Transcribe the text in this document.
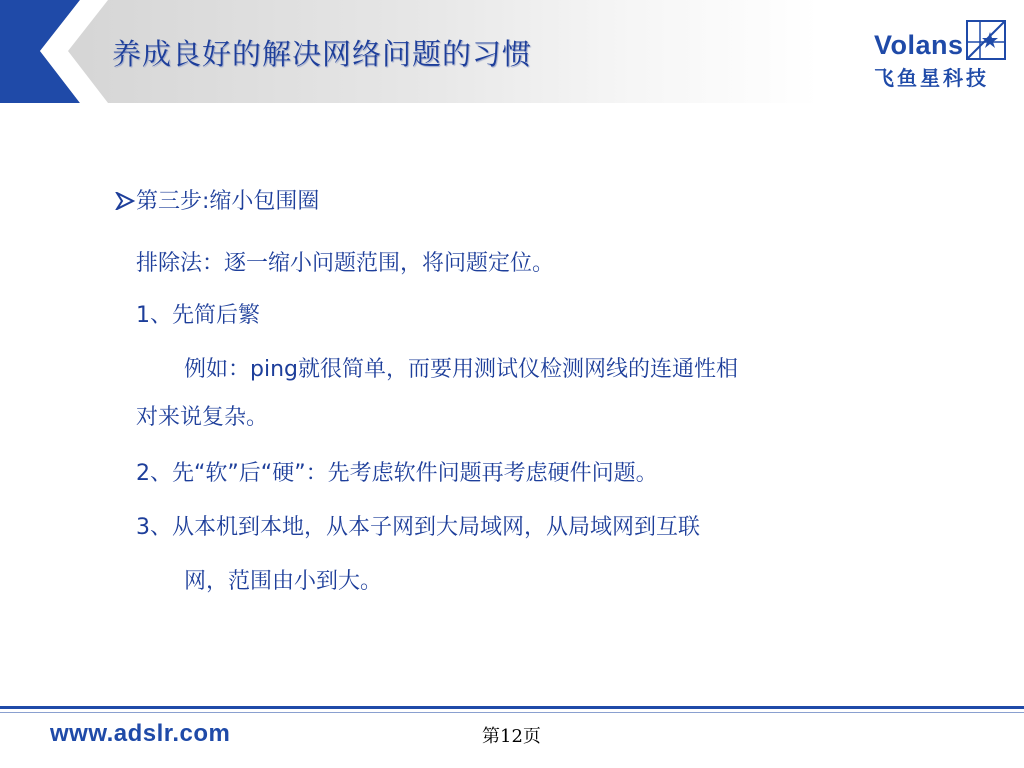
养成良好的解决网络问题的习惯	Volans
飞鱼星科技
第三步:缩小包围圈
排除法：逐一缩小问题范围，将问题定位。
1、先简后繁
例如：ping就很简单，而要用测试仪检测网线的连通性相
对来说复杂。
2、先“软”后“硬”：先考虑软件问题再考虑硬件问题。
3、从本机到本地，从本子网到大局域网，从局域网到互联
网，范围由小到大。
www.adslr.com	第12页
